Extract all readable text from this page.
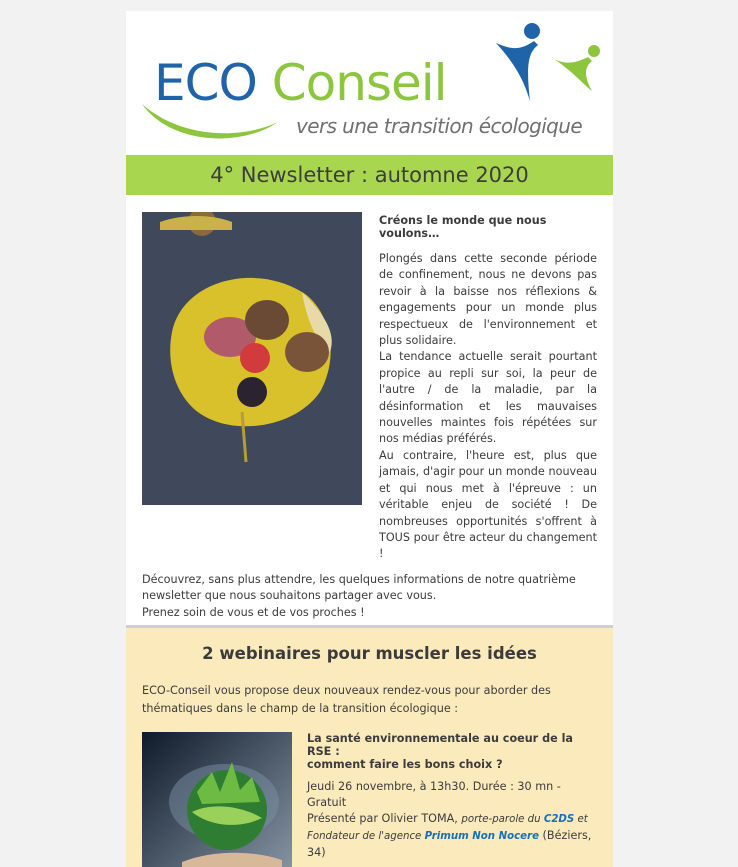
ECO Conseil
vers une transition écologique
4° Newsletter : automne 2020
Créons le monde que nous voulons…

Plongés dans cette seconde période de confinement, nous ne devons pas revoir à la baisse nos réflexions & engagements pour un monde plus respectueux de l'environnement et plus solidaire.

La tendance actuelle serait pourtant propice au repli sur soi, la peur de l'autre / de la maladie, par la désinformation et les mauvaises nouvelles maintes fois répétées sur nos médias préférés.

Au contraire, l'heure est, plus que jamais, d'agir pour un monde nouveau et qui nous met à l'épreuve : un véritable enjeu de société ! De nombreuses opportunités s'offrent à TOUS pour être acteur du changement !

Découvrez, sans plus attendre, les quelques informations de notre quatrième newsletter que nous souhaitons partager avec vous.

Prenez soin de vous et de vos proches !

2 webinaires pour muscler les idées

ECO-Conseil vous propose deux nouveaux rendez-vous pour aborder des thématiques dans le champ de la transition écologique :

La santé environnementale au coeur de la RSE :
comment faire les bons choix ?

Jeudi 26 novembre, à 13h30. Durée : 30 mn - Gratuit

Présenté par Olivier TOMA, porte-parole du C2DS et Fondateur de l'agence Primum Non Nocere (Béziers, 34)
